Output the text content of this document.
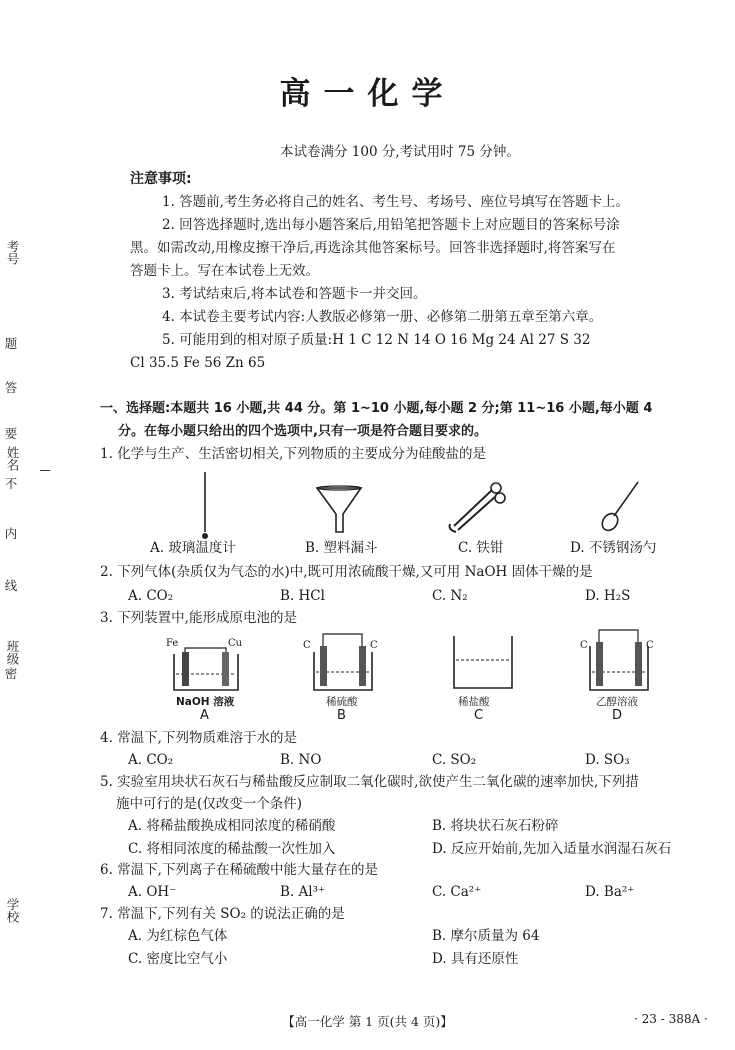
考号
题
答
要
姓名
不
内
线
班级
密
学校
高一化学
本试卷满分 100 分,考试用时 75 分钟。
注意事项:
1. 答题前,考生务必将自己的姓名、考生号、考场号、座位号填写在答题卡上。
2. 回答选择题时,选出每小题答案后,用铅笔把答题卡上对应题目的答案标号涂
黑。如需改动,用橡皮擦干净后,再选涂其他答案标号。回答非选择题时,将答案写在
答题卡上。写在本试卷上无效。
3. 考试结束后,将本试卷和答题卡一并交回。
4. 本试卷主要考试内容:人教版必修第一册、必修第二册第五章至第六章。
5. 可能用到的相对原子质量:H 1 C 12 N 14 O 16 Mg 24 Al 27 S 32
Cl 35.5 Fe 56 Zn 65
一、选择题:本题共 16 小题,共 44 分。第 1~10 小题,每小题 2 分;第 11~16 小题,每小题 4
分。在每小题只给出的四个选项中,只有一项是符合题目要求的。
1. 化学与生产、生活密切相关,下列物质的主要成分为硅酸盐的是
A. 玻璃温度计	B. 塑料漏斗	C. 铁钳	D. 不锈钢汤勺
2. 下列气体(杂质仅为气态的水)中,既可用浓硫酸干燥,又可用 NaOH 固体干燥的是
A. CO₂	B. HCl	C. N₂	D. H₂S
3. 下列装置中,能形成原电池的是
Fe	Cu
NaOH 溶液
A
C	C
稀硫酸
B
稀盐酸
C
C	C
乙醇溶液
D
4. 常温下,下列物质难溶于水的是
A. CO₂	B. NO	C. SO₂	D. SO₃
5. 实验室用块状石灰石与稀盐酸反应制取二氧化碳时,欲使产生二氧化碳的速率加快,下列措
施中可行的是(仅改变一个条件)
A. 将稀盐酸换成相同浓度的稀硝酸	B. 将块状石灰石粉碎
C. 将相同浓度的稀盐酸一次性加入	D. 反应开始前,先加入适量水润湿石灰石
6. 常温下,下列离子在稀硫酸中能大量存在的是
A. OH⁻	B. Al³⁺	C. Ca²⁺	D. Ba²⁺
7. 常温下,下列有关 SO₂ 的说法正确的是
A. 为红棕色气体	B. 摩尔质量为 64
C. 密度比空气小	D. 具有还原性
【高一化学 第 1 页(共 4 页)】	· 23 - 388A ·
